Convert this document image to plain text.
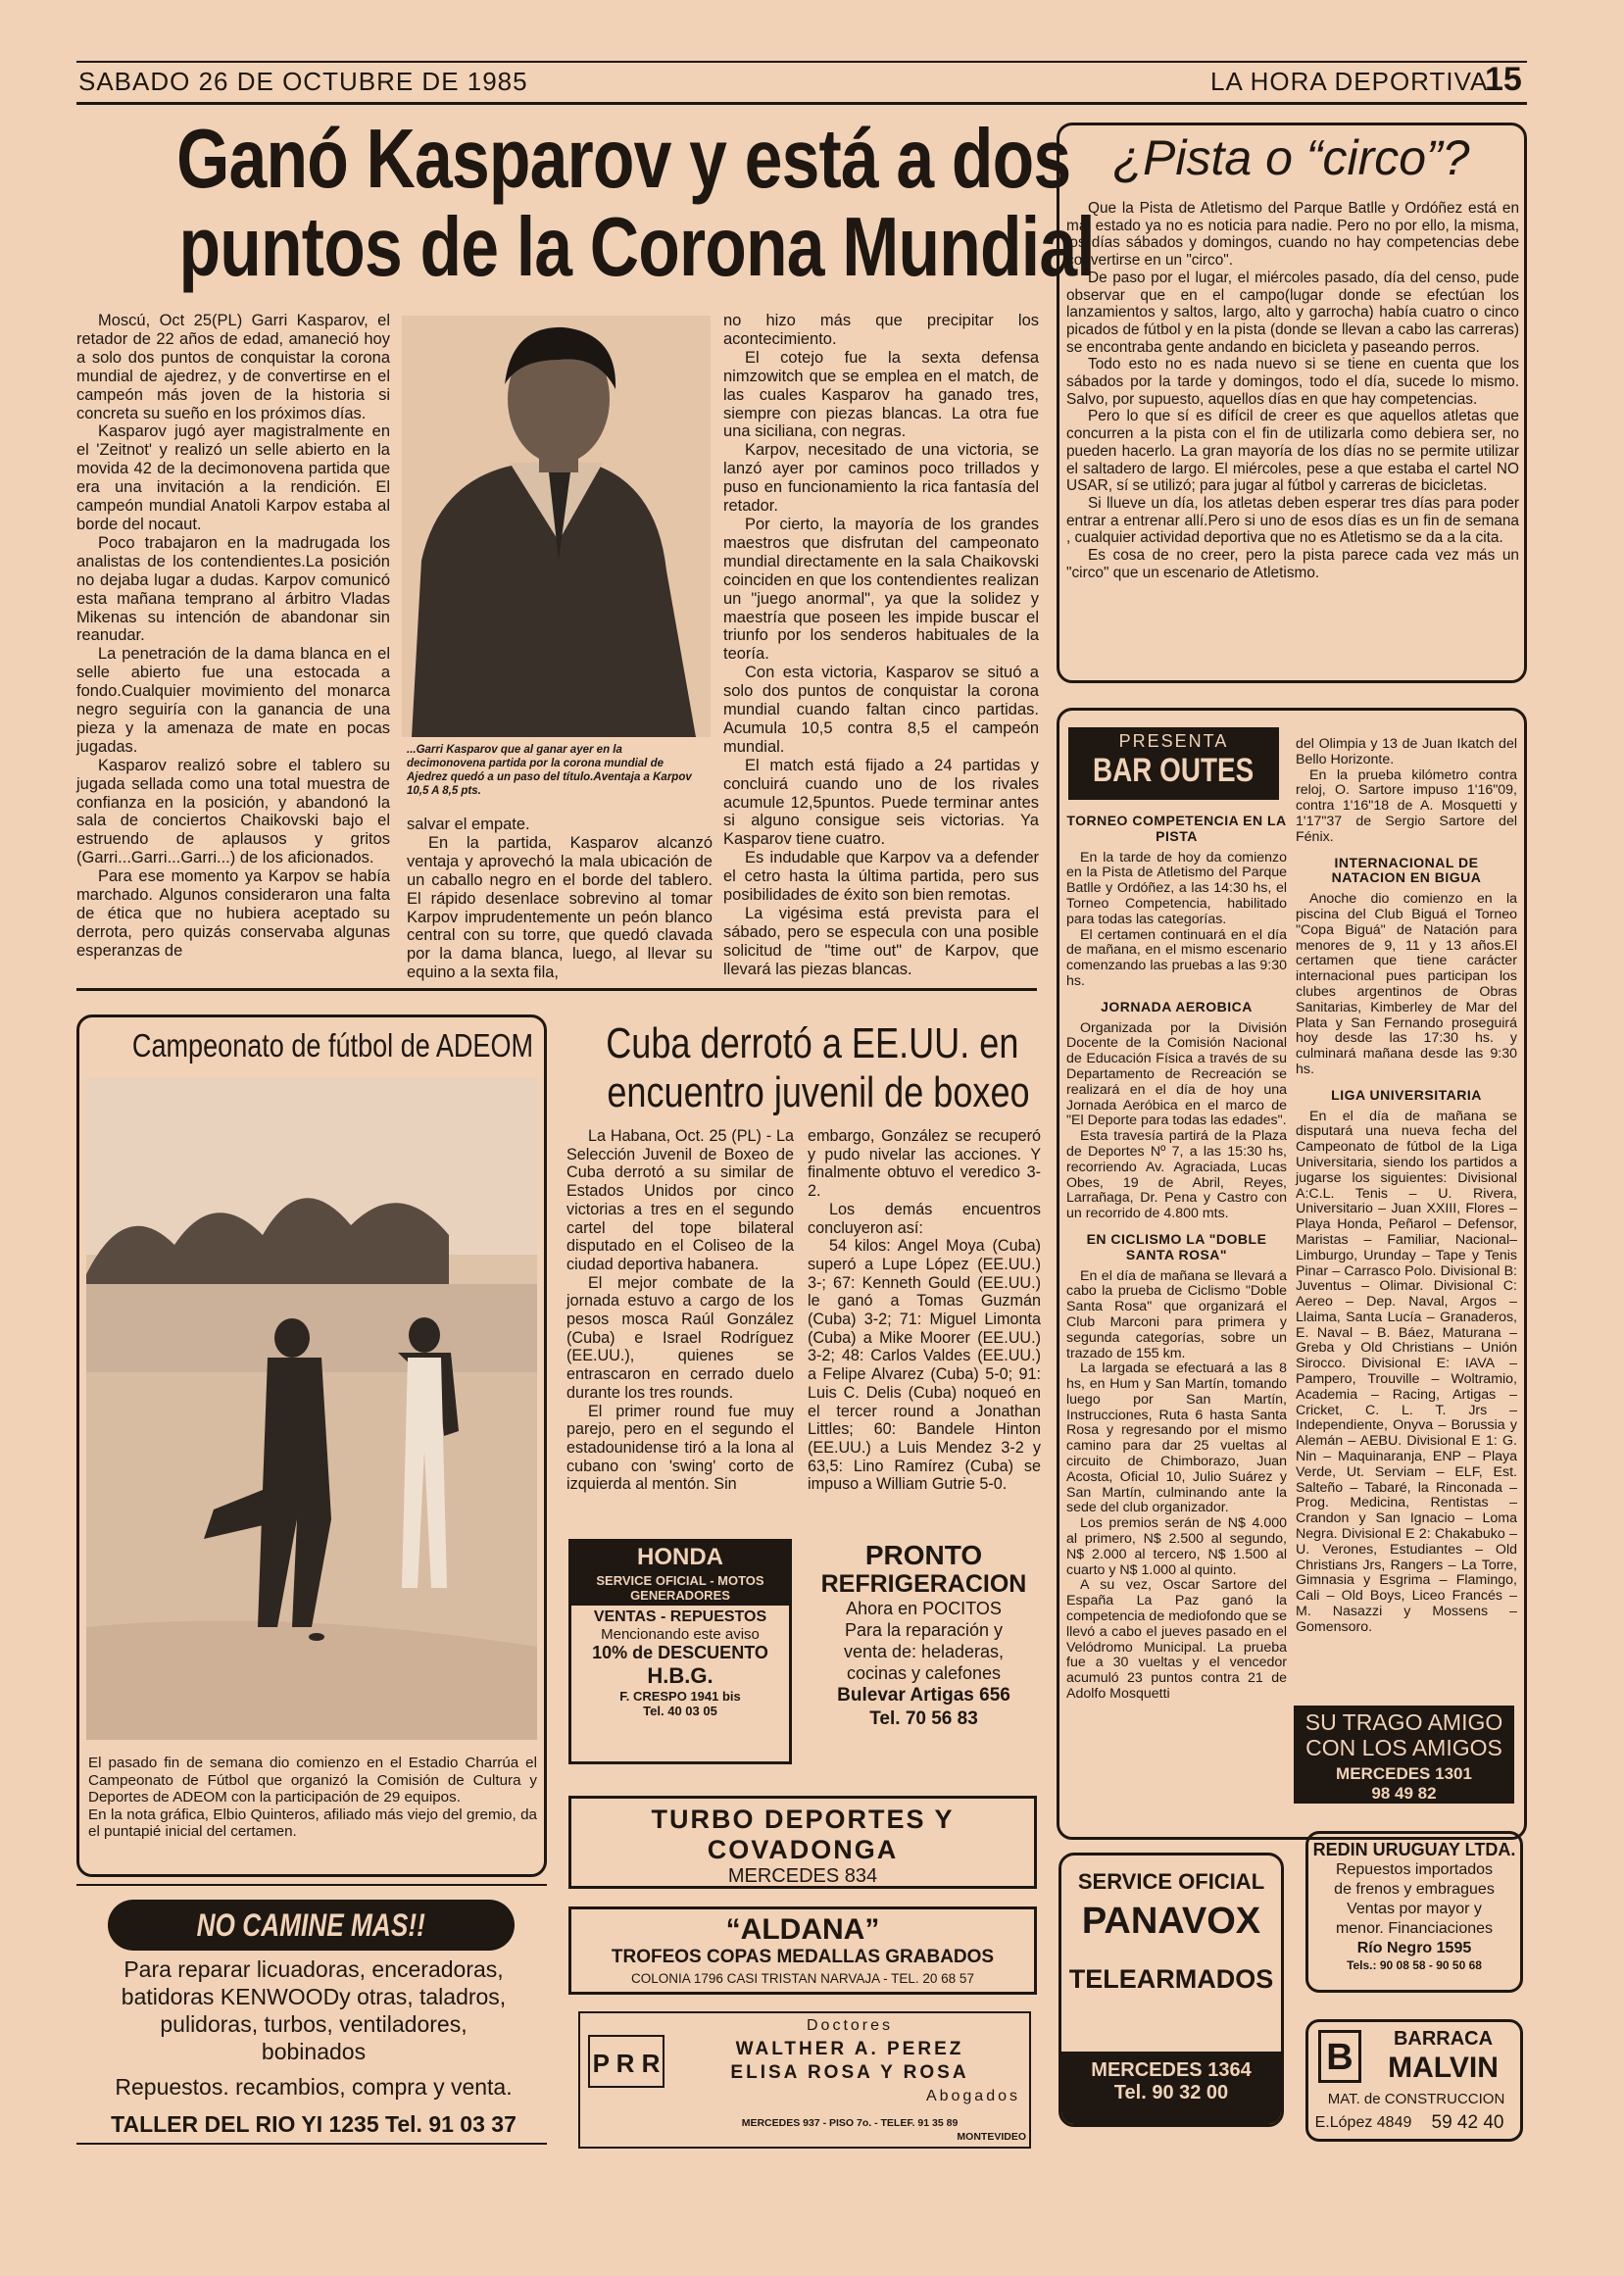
SABADO 26 DE OCTUBRE DE 1985	LA HORA DEPORTIVA
15
Ganó Kasparov y está a dos
puntos de la Corona Mundial

Moscú, Oct 25(PL) Garri Kasparov, el retador de 22 años de edad, amaneció hoy a solo dos puntos de conquistar la corona mundial de ajedrez, y de convertirse en el campeón más joven de la historia si concreta su sueño en los próximos días.

Kasparov jugó ayer magistralmente en el 'Zeitnot' y realizó un selle abierto en la movida 42 de la decimonovena partida que era una invitación a la rendición. El campeón mundial Anatoli Karpov estaba al borde del nocaut.

Poco trabajaron en la madrugada los analistas de los contendientes.La posición no dejaba lugar a dudas. Karpov comunicó esta mañana temprano al árbitro Vladas Mikenas su intención de abandonar sin reanudar.

La penetración de la dama blanca en el selle abierto fue una estocada a fondo.Cualquier movimiento del monarca negro seguiría con la ganancia de una pieza y la amenaza de mate en pocas jugadas.

Kasparov realizó sobre el tablero su jugada sellada como una total muestra de confianza en la posición, y abandonó la sala de conciertos Chaikovski bajo el estruendo de aplausos y gritos (Garri...Garri...Garri...) de los aficionados.

Para ese momento ya Karpov se había marchado. Algunos consideraron una falta de ética que no hubiera aceptado su derrota, pero quizás conservaba algunas esperanzas de

...Garri Kasparov que al ganar ayer en la decimonovena partida por la corona mundial de Ajedrez quedó a un paso del título.Aventaja a Karpov 10,5 A 8,5 pts.

salvar el empate.

En la partida, Kasparov alcanzó ventaja y aprovechó la mala ubicación de un caballo negro en el borde del tablero. El rápido desenlace sobrevino al tomar Karpov imprudentemente un peón blanco central con su torre, que quedó clavada por la dama blanca, luego, al llevar su equino a la sexta fila,

no hizo más que precipitar los acontecimiento.

El cotejo fue la sexta defensa nimzowitch que se emplea en el match, de las cuales Kasparov ha ganado tres, siempre con piezas blancas. La otra fue una siciliana, con negras.

Karpov, necesitado de una victoria, se lanzó ayer por caminos poco trillados y puso en funcionamiento la rica fantasía del retador.

Por cierto, la mayoría de los grandes maestros que disfrutan del campeonato mundial directamente en la sala Chaikovski coinciden en que los contendientes realizan un "juego anormal", ya que la solidez y maestría que poseen les impide buscar el triunfo por los senderos habituales de la teoría.

Con esta victoria, Kasparov se situó a solo dos puntos de conquistar la corona mundial cuando faltan cinco partidas. Acumula 10,5 contra 8,5 el campeón mundial.

El match está fijado a 24 partidas y concluirá cuando uno de los rivales acumule 12,5puntos. Puede terminar antes si alguno consigue seis victorias. Ya Kasparov tiene cuatro.

Es indudable que Karpov va a defender el cetro hasta la última partida, pero sus posibilidades de éxito son bien remotas.

La vigésima está prevista para el sábado, pero se especula con una posible solicitud de "time out" de Karpov, que llevará las piezas blancas.

¿Pista o “circo”?

Que la Pista de Atletismo del Parque Batlle y Ordóñez está en mal estado ya no es noticia para nadie. Pero no por ello, la misma, los días sábados y domingos, cuando no hay competencias debe convertirse en un "circo".

De paso por el lugar, el miércoles pasado, día del censo, pude observar que en el campo(lugar donde se efectúan los lanzamientos y saltos, largo, alto y garrocha) había cuatro o cinco picados de fútbol y en la pista (donde se llevan a cabo las carreras) se encontraba gente andando en bicicleta y paseando perros.

Todo esto no es nada nuevo si se tiene en cuenta que los sábados por la tarde y domingos, todo el día, sucede lo mismo. Salvo, por supuesto, aquellos días en que hay competencias.

Pero lo que sí es difícil de creer es que aquellos atletas que concurren a la pista con el fin de utilizarla como debiera ser, no pueden hacerlo. La gran mayoría de los días no se permite utilizar el saltadero de largo. El miércoles, pese a que estaba el cartel NO USAR, sí se utilizó; para jugar al fútbol y carreras de bicicletas.

Si llueve un día, los atletas deben esperar tres días para poder entrar a entrenar allí.Pero si uno de esos días es un fin de semana , cualquier actividad deportiva que no es Atletismo se da a la cita.

Es cosa de no creer, pero la pista parece cada vez más un "circo" que un escenario de Atletismo.

PRESENTA
BAR OUTES
TORNEO COMPETENCIA EN LA PISTA

En la tarde de hoy da comienzo en la Pista de Atletismo del Parque Batlle y Ordóñez, a las 14:30 hs, el Torneo Competencia, habilitado para todas las categorías.

El certamen continuará en el día de mañana, en el mismo escenario comenzando las pruebas a las 9:30 hs.

JORNADA AEROBICA

Organizada por la División Docente de la Comisión Nacional de Educación Física a través de su Departamento de Recreación se realizará en el día de hoy una Jornada Aeróbica en el marco de "El Deporte para todas las edades".

Esta travesía partirá de la Plaza de Deportes Nº 7, a las 15:30 hs, recorriendo Av. Agraciada, Lucas Obes, 19 de Abril, Reyes, Larrañaga, Dr. Pena y Castro con un recorrido de 4.800 mts.

EN CICLISMO LA "DOBLE SANTA ROSA"

En el día de mañana se llevará a cabo la prueba de Ciclismo "Doble Santa Rosa" que organizará el Club Marconi para primera y segunda categorías, sobre un trazado de 155 km.

La largada se efectuará a las 8 hs, en Hum y San Martín, tomando luego por San Martín, Instrucciones, Ruta 6 hasta Santa Rosa y regresando por el mismo camino para dar 25 vueltas al circuito de Chimborazo, Juan Acosta, Oficial 10, Julio Suárez y San Martín, culminando ante la sede del club organizador.

Los premios serán de N$ 4.000 al primero, N$ 2.500 al segundo, N$ 2.000 al tercero, N$ 1.500 al cuarto y N$ 1.000 al quinto.

A su vez, Oscar Sartore del España La Paz ganó la competencia de mediofondo que se llevó a cabo el jueves pasado en el Velódromo Municipal. La prueba fue a 30 vueltas y el vencedor acumuló 23 puntos contra 21 de Adolfo Mosquetti

del Olimpia y 13 de Juan Ikatch del Bello Horizonte.

En la prueba kilómetro contra reloj, O. Sartore impuso 1'16"09, contra 1'16"18 de A. Mosquetti y 1'17"37 de Sergio Sartore del Fénix.

INTERNACIONAL DE NATACION EN BIGUA

Anoche dio comienzo en la piscina del Club Biguá el Torneo "Copa Biguá" de Natación para menores de 9, 11 y 13 años.El certamen que tiene carácter internacional pues participan los clubes argentinos de Obras Sanitarias, Kimberley de Mar del Plata y San Fernando proseguirá hoy desde las 17:30 hs. y culminará mañana desde las 9:30 hs.

LIGA UNIVERSITARIA

En el día de mañana se disputará una nueva fecha del Campeonato de fútbol de la Liga Universitaria, siendo los partidos a jugarse los siguientes: Divisional A:C.L. Tenis – U. Rivera, Universitario – Juan XXIII, Flores – Playa Honda, Peñarol – Defensor, Maristas – Familiar, Nacional–Limburgo, Urunday – Tape y Tenis Pinar – Carrasco Polo. Divisional B: Juventus – Olimar. Divisional C: Aereo – Dep. Naval, Argos – Llaima, Santa Lucía – Granaderos, E. Naval – B. Báez, Maturana – Greba y Old Christians – Unión Sirocco. Divisional E: IAVA – Pampero, Trouville – Woltramio, Academia – Racing, Artigas – Cricket, C. L. T. Jrs – Independiente, Onyva – Borussia y Alemán – AEBU. Divisional E 1: G. Nin – Maquinaranja, ENP – Playa Verde, Ut. Serviam – ELF, Est. Salteño – Tabaré, la Rinconada – Prog. Medicina, Rentistas – Crandon y San Ignacio – Loma Negra. Divisional E 2: Chakabuko – U. Verones, Estudiantes – Old Christians Jrs, Rangers – La Torre, Gimnasia y Esgrima – Flamingo, Cali – Old Boys, Liceo Francés – M. Nasazzi y Mossens – Gomensoro.

SU TRAGO AMIGO
CON LOS AMIGOS
MERCEDES 1301
98 49 82
Campeonato de fútbol de ADEOM
El pasado fin de semana dio comienzo en el Estadio Charrúa el Campeonato de Fútbol que organizó la Comisión de Cultura y Deportes de ADEOM con la participación de 29 equipos.
En la nota gráfica, Elbio Quinteros, afiliado más viejo del gremio, da el puntapié inicial del certamen.
Cuba derrotó a EE.UU. en
encuentro juvenil de boxeo

La Habana, Oct. 25 (PL) - La Selección Juvenil de Boxeo de Cuba derrotó a su similar de Estados Unidos por cinco victorias a tres en el segundo cartel del tope bilateral disputado en el Coliseo de la ciudad deportiva habanera.

El mejor combate de la jornada estuvo a cargo de los pesos mosca Raúl González (Cuba) e Israel Rodríguez (EE.UU.), quienes se entrascaron en cerrado duelo durante los tres rounds.

El primer round fue muy parejo, pero en el segundo el estadounidense tiró a la lona al cubano con 'swing' corto de izquierda al mentón. Sin

embargo, González se recuperó y pudo nivelar las acciones. Y finalmente obtuvo el veredico 3-2.

Los demás encuentros concluyeron así:

54 kilos: Angel Moya (Cuba) superó a Lupe López (EE.UU.) 3-; 67: Kenneth Gould (EE.UU.) le ganó a Tomas Guzmán (Cuba) 3-2; 71: Miguel Limonta (Cuba) a Mike Moorer (EE.UU.) 3-2; 48: Carlos Valdes (EE.UU.) a Felipe Alvarez (Cuba) 5-0; 91: Luis C. Delis (Cuba) noqueó en el tercer round a Jonathan Littles; 60: Bandele Hinton (EE.UU.) a Luis Mendez 3-2 y 63,5: Lino Ramírez (Cuba) se impuso a William Gutrie 5-0.

HONDA
SERVICE OFICIAL - MOTOS
GENERADORES
VENTAS - REPUESTOS
Mencionando este aviso
10% de DESCUENTO
H.B.G.
F. CRESPO 1941 bis
Tel. 40 03 05
PRONTO
REFRIGERACION
Ahora en POCITOS
Para la reparación y
venta de: heladeras,
cocinas y calefones
Bulevar Artigas 656
Tel. 70 56 83
TURBO DEPORTES Y
COVADONGA
MERCEDES 834
“ALDANA”
TROFEOS COPAS MEDALLAS GRABADOS
COLONIA 1796 CASI TRISTAN NARVAJA - TEL. 20 68 57
P R R
Doctores
WALTHER A. PEREZ
ELISA ROSA Y ROSA
Abogados
MERCEDES 937 - PISO 7o. - TELEF. 91 35 89
MONTEVIDEO
NO CAMINE MAS!!
Para reparar licuadoras, enceradoras,
batidoras KENWOODy otras, taladros,
pulidoras, turbos, ventiladores,
bobinados
Repuestos. recambios, compra y venta.
TALLER DEL RIO YI 1235 Tel. 91 03 37
SERVICE OFICIAL
PANAVOX
TELEARMADOS
MERCEDES 1364
Tel. 90 32 00
REDIN URUGUAY LTDA.
Repuestos importados
de frenos y embragues
Ventas por mayor y
menor. Financiaciones
Río Negro 1595
Tels.: 90 08 58 - 90 50 68
B	BARRACA
MALVIN
MAT. de CONSTRUCCION
E.López 4849	59 42 40
